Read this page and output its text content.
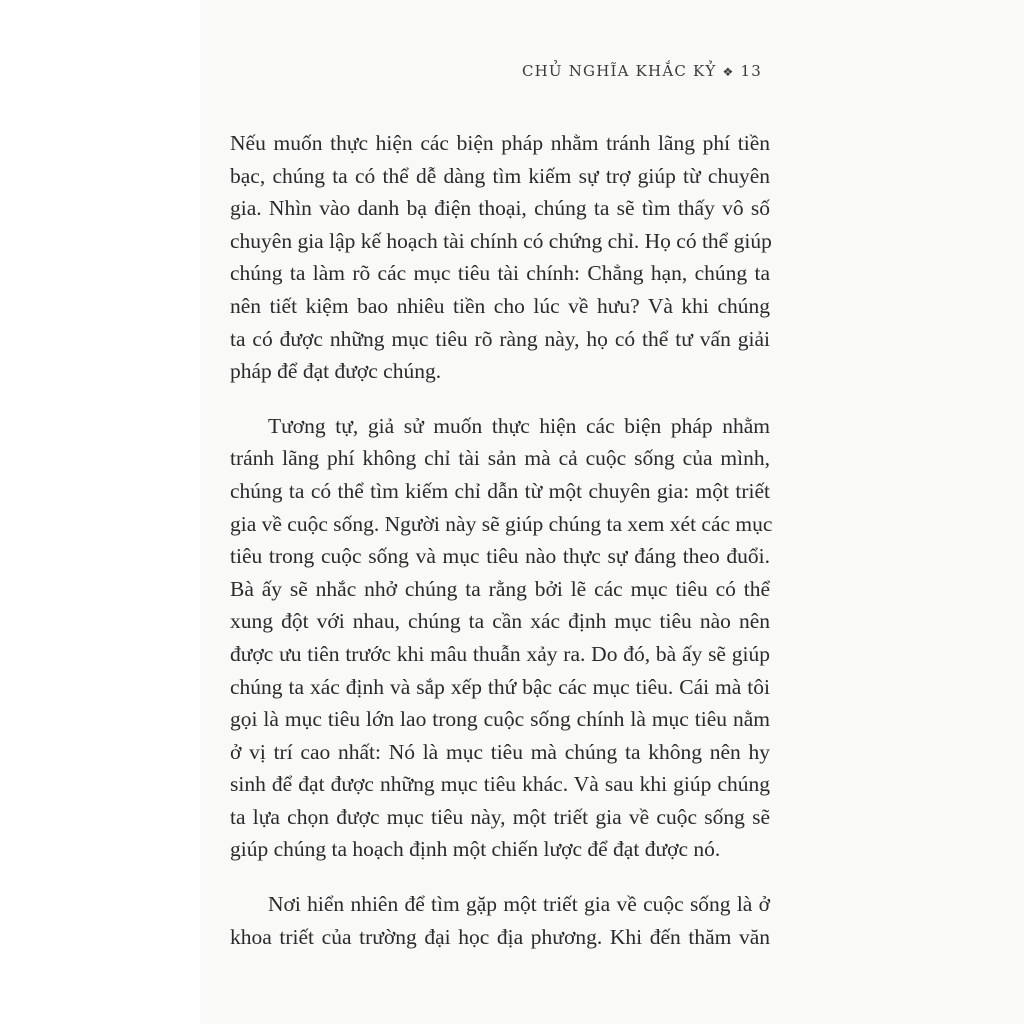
CHỦ NGHĨA KHẮC KỶ ❖ 13
Nếu muốn thực hiện các biện pháp nhằm tránh lãng phí tiền
bạc, chúng ta có thể dễ dàng tìm kiếm sự trợ giúp từ chuyên
gia. Nhìn vào danh bạ điện thoại, chúng ta sẽ tìm thấy vô số
chuyên gia lập kế hoạch tài chính có chứng chỉ. Họ có thể giúp
chúng ta làm rõ các mục tiêu tài chính: Chẳng hạn, chúng ta
nên tiết kiệm bao nhiêu tiền cho lúc về hưu? Và khi chúng
ta có được những mục tiêu rõ ràng này, họ có thể tư vấn giải
pháp để đạt được chúng.
Tương tự, giả sử muốn thực hiện các biện pháp nhằm
tránh lãng phí không chỉ tài sản mà cả cuộc sống của mình,
chúng ta có thể tìm kiếm chỉ dẫn từ một chuyên gia: một triết
gia về cuộc sống. Người này sẽ giúp chúng ta xem xét các mục
tiêu trong cuộc sống và mục tiêu nào thực sự đáng theo đuổi.
Bà ấy sẽ nhắc nhở chúng ta rằng bởi lẽ các mục tiêu có thể
xung đột với nhau, chúng ta cần xác định mục tiêu nào nên
được ưu tiên trước khi mâu thuẫn xảy ra. Do đó, bà ấy sẽ giúp
chúng ta xác định và sắp xếp thứ bậc các mục tiêu. Cái mà tôi
gọi là mục tiêu lớn lao trong cuộc sống chính là mục tiêu nằm
ở vị trí cao nhất: Nó là mục tiêu mà chúng ta không nên hy
sinh để đạt được những mục tiêu khác. Và sau khi giúp chúng
ta lựa chọn được mục tiêu này, một triết gia về cuộc sống sẽ
giúp chúng ta hoạch định một chiến lược để đạt được nó.
Nơi hiển nhiên để tìm gặp một triết gia về cuộc sống là ở
khoa triết của trường đại học địa phương. Khi đến thăm văn
